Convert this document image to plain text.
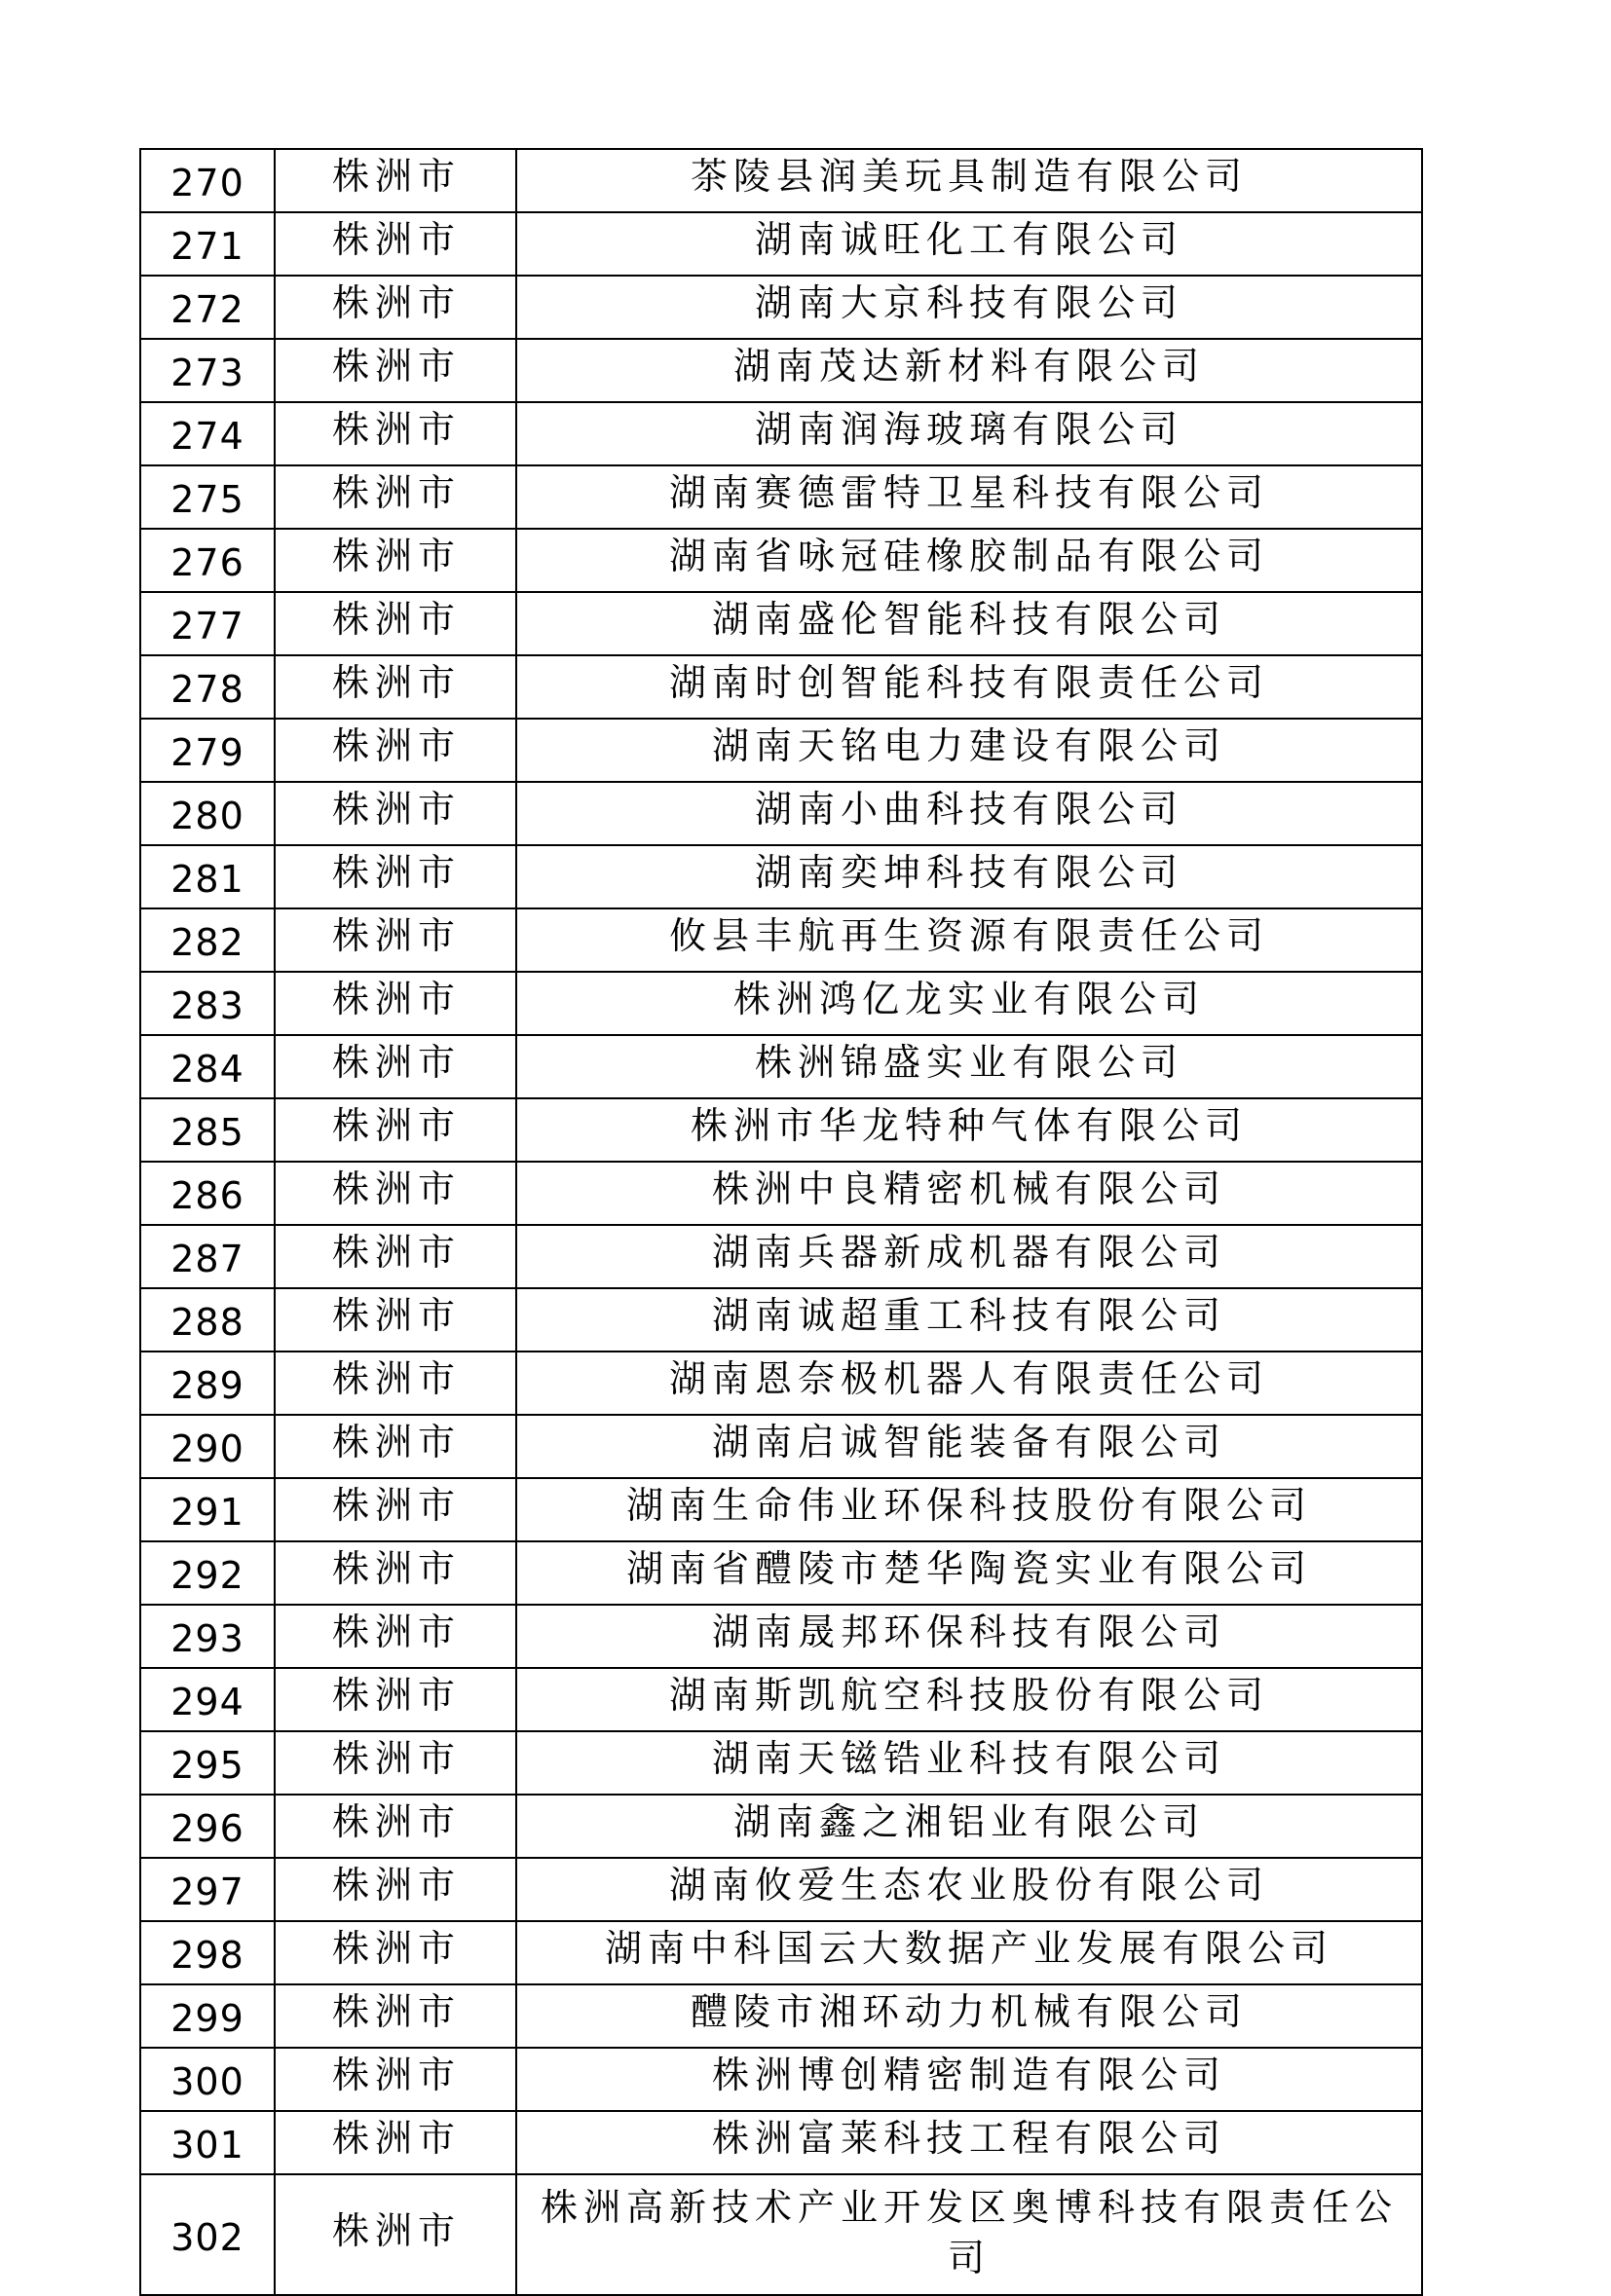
270	株洲市	茶陵县润美玩具制造有限公司
271	株洲市	湖南诚旺化工有限公司
272	株洲市	湖南大京科技有限公司
273	株洲市	湖南茂达新材料有限公司
274	株洲市	湖南润海玻璃有限公司
275	株洲市	湖南赛德雷特卫星科技有限公司
276	株洲市	湖南省咏冠硅橡胶制品有限公司
277	株洲市	湖南盛伦智能科技有限公司
278	株洲市	湖南时创智能科技有限责任公司
279	株洲市	湖南天铭电力建设有限公司
280	株洲市	湖南小曲科技有限公司
281	株洲市	湖南奕坤科技有限公司
282	株洲市	攸县丰航再生资源有限责任公司
283	株洲市	株洲鸿亿龙实业有限公司
284	株洲市	株洲锦盛实业有限公司
285	株洲市	株洲市华龙特种气体有限公司
286	株洲市	株洲中良精密机械有限公司
287	株洲市	湖南兵器新成机器有限公司
288	株洲市	湖南诚超重工科技有限公司
289	株洲市	湖南恩奈极机器人有限责任公司
290	株洲市	湖南启诚智能装备有限公司
291	株洲市	湖南生命伟业环保科技股份有限公司
292	株洲市	湖南省醴陵市楚华陶瓷实业有限公司
293	株洲市	湖南晟邦环保科技有限公司
294	株洲市	湖南斯凯航空科技股份有限公司
295	株洲市	湖南天镃锆业科技有限公司
296	株洲市	湖南鑫之湘铝业有限公司
297	株洲市	湖南攸爱生态农业股份有限公司
298	株洲市	湖南中科国云大数据产业发展有限公司
299	株洲市	醴陵市湘环动力机械有限公司
300	株洲市	株洲博创精密制造有限公司
301	株洲市	株洲富莱科技工程有限公司
302	株洲市	株洲高新技术产业开发区奥博科技有限责任公司
